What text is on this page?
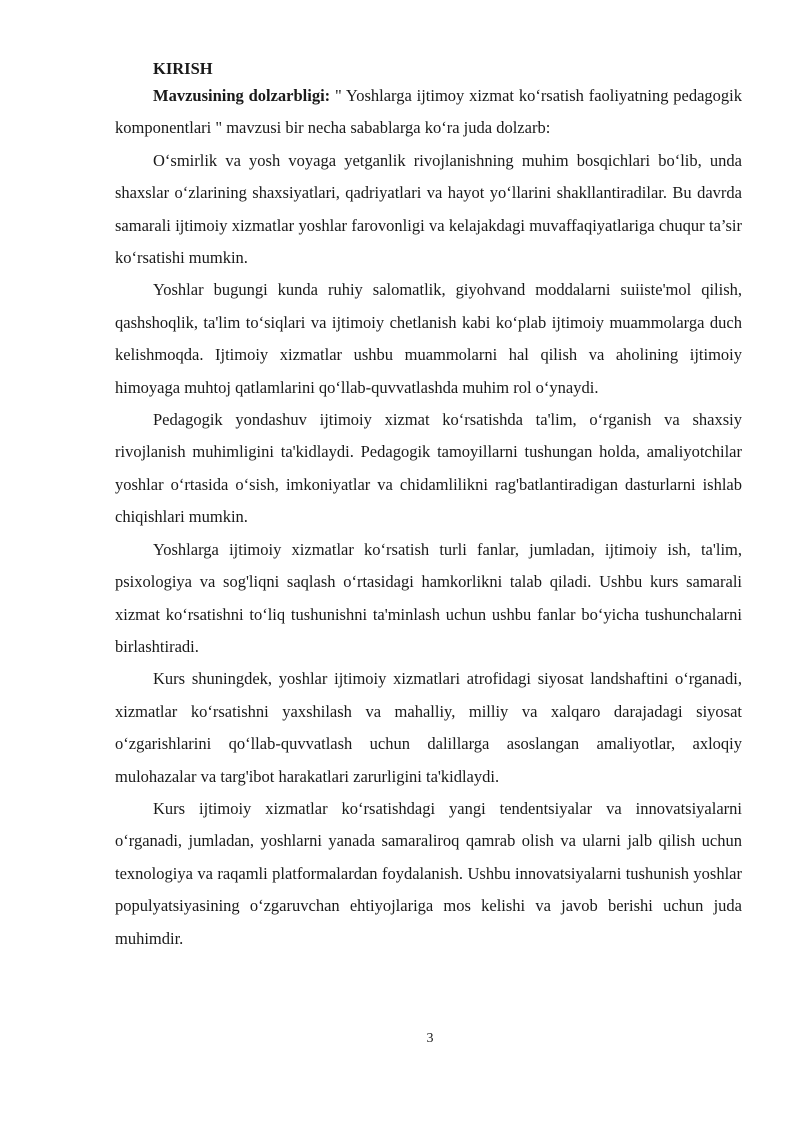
KIRISH

Mavzusining dolzarbligi: " Yoshlarga ijtimoy xizmat ko‘rsatish faoliyatning pedagogik komponentlari " mavzusi bir necha sabablarga ko‘ra juda dolzarb:

O‘smirlik va yosh voyaga yetganlik rivojlanishning muhim bosqichlari bo‘lib, unda shaxslar o‘zlarining shaxsiyatlari, qadriyatlari va hayot yo‘llarini shakllantiradilar. Bu davrda samarali ijtimoiy xizmatlar yoshlar farovonligi va kelajakdagi muvaffaqiyatlariga chuqur ta’sir ko‘rsatishi mumkin.

Yoshlar bugungi kunda ruhiy salomatlik, giyohvand moddalarni suiiste'mol qilish, qashshoqlik, ta'lim to‘siqlari va ijtimoiy chetlanish kabi ko‘plab ijtimoiy muammolarga duch kelishmoqda. Ijtimoiy xizmatlar ushbu muammolarni hal qilish va aholining ijtimoiy himoyaga muhtoj qatlamlarini qo‘llab-quvvatlashda muhim rol o‘ynaydi.

Pedagogik yondashuv ijtimoiy xizmat ko‘rsatishda ta'lim, o‘rganish va shaxsiy rivojlanish muhimligini ta'kidlaydi. Pedagogik tamoyillarni tushungan holda, amaliyotchilar yoshlar o‘rtasida o‘sish, imkoniyatlar va chidamlilikni rag'batlantiradigan dasturlarni ishlab chiqishlari mumkin.

Yoshlarga ijtimoiy xizmatlar ko‘rsatish turli fanlar, jumladan, ijtimoiy ish, ta'lim, psixologiya va sog'liqni saqlash o‘rtasidagi hamkorlikni talab qiladi. Ushbu kurs samarali xizmat ko‘rsatishni to‘liq tushunishni ta'minlash uchun ushbu fanlar bo‘yicha tushunchalarni birlashtiradi.

Kurs shuningdek, yoshlar ijtimoiy xizmatlari atrofidagi siyosat landshaftini o‘rganadi, xizmatlar ko‘rsatishni yaxshilash va mahalliy, milliy va xalqaro darajadagi siyosat o‘zgarishlarini qo‘llab-quvvatlash uchun dalillarga asoslangan amaliyotlar, axloqiy mulohazalar va targ'ibot harakatlari zarurligini ta'kidlaydi.

Kurs ijtimoiy xizmatlar ko‘rsatishdagi yangi tendentsiyalar va innovatsiyalarni o‘rganadi, jumladan, yoshlarni yanada samaraliroq qamrab olish va ularni jalb qilish uchun texnologiya va raqamli platformalardan foydalanish. Ushbu innovatsiyalarni tushunish yoshlar populyatsiyasining o‘zgaruvchan ehtiyojlariga mos kelishi va javob berishi uchun juda muhimdir.

3
